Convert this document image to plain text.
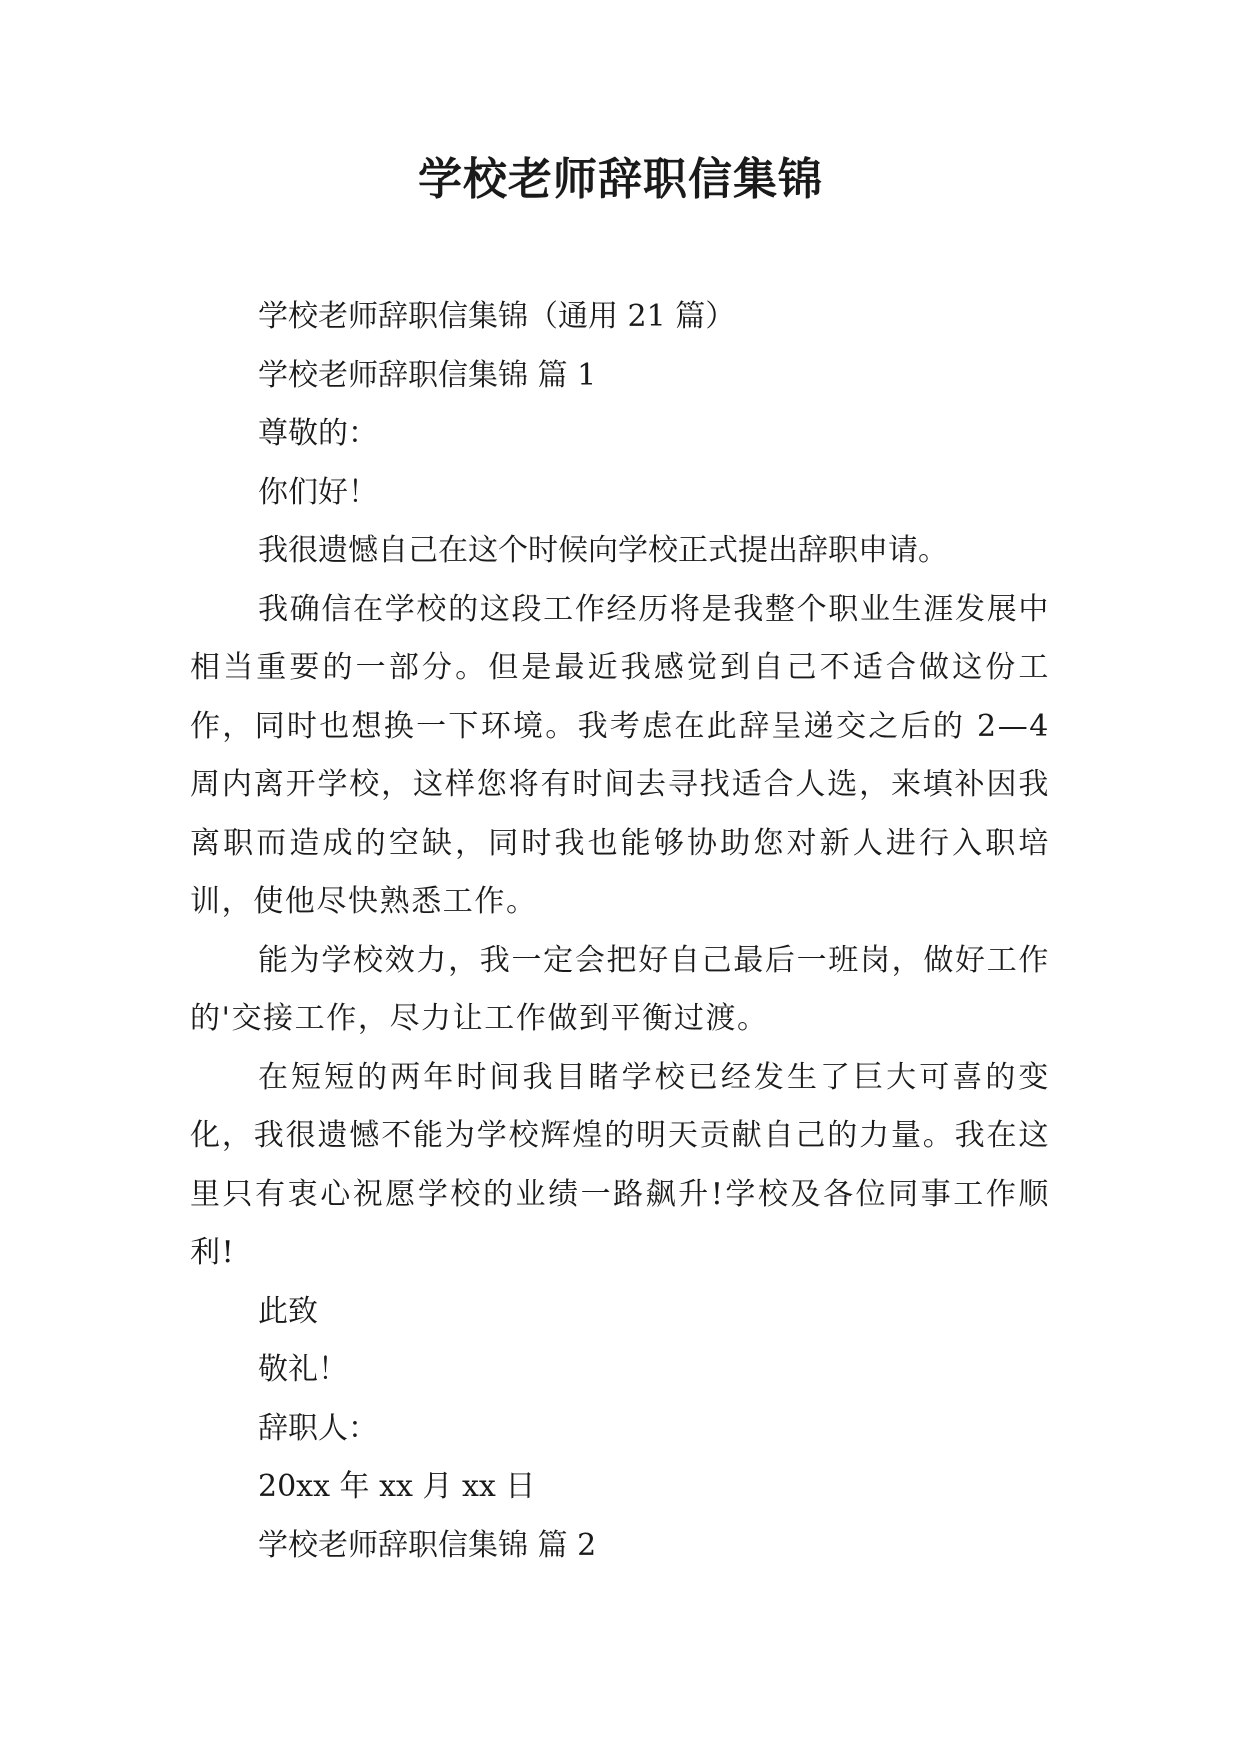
学校老师辞职信集锦

学校老师辞职信集锦（通用 21 篇）

学校老师辞职信集锦 篇 1

尊敬的：

你们好！

我很遗憾自己在这个时候向学校正式提出辞职申请。

我确信在学校的这段工作经历将是我整个职业生涯发展中相当重要的一部分。但是最近我感觉到自己不适合做这份工作，同时也想换一下环境。我考虑在此辞呈递交之后的 2—4 周内离开学校，这样您将有时间去寻找适合人选，来填补因我离职而造成的空缺，同时我也能够协助您对新人进行入职培训，使他尽快熟悉工作。

能为学校效力，我一定会把好自己最后一班岗，做好工作的'交接工作，尽力让工作做到平衡过渡。

在短短的两年时间我目睹学校已经发生了巨大可喜的变化，我很遗憾不能为学校辉煌的明天贡献自己的力量。我在这里只有衷心祝愿学校的业绩一路飙升!学校及各位同事工作顺利!

此致

敬礼！

辞职人：

20xx 年 xx 月 xx 日

学校老师辞职信集锦 篇 2
